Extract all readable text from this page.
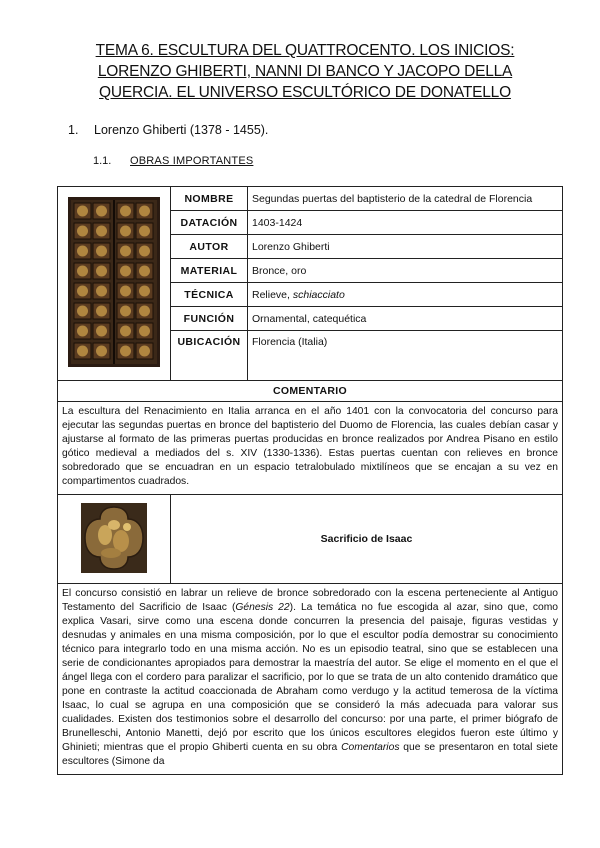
TEMA 6. ESCULTURA DEL QUATTROCENTO. LOS INICIOS:
LORENZO GHIBERTI, NANNI DI BANCO Y JACOPO DELLA
QUERCIA. EL UNIVERSO ESCULTÓRICO DE DONATELLO
1. Lorenzo Ghiberti (1378 - 1455).
1.1. OBRAS IMPORTANTES
	NOMBRE	Segundas puertas del baptisterio de la catedral de Florencia
	DATACIÓN	1403-1424
	AUTOR	Lorenzo Ghiberti
	MATERIAL	Bronce, oro
	TÉCNICA	Relieve, schiacciato
	FUNCIÓN	Ornamental, catequética
	UBICACIÓN	Florencia (Italia)
COMENTARIO		
La escultura del Renacimiento en Italia arranca en el año 1401 con la convocatoria del concurso para ejecutar las segundas puertas en bronce del baptisterio del Duomo de Florencia, las cuales debían casar y ajustarse al formato de las primeras puertas producidas en bronce realizados por Andrea Pisano en estilo gótico medieval a mediados del s. XIV (1330-1336). Estas puertas cuentan con relieves en bronce sobredorado que se encuadran en un espacio tetralobulado mixtilíneos que se encajan a su vez en compartimentos cuadrados.		
	Sacrificio de Isaac	
El concurso consistió en labrar un relieve de bronce sobredorado con la escena perteneciente al Antiguo Testamento del Sacrificio de Isaac (Génesis 22). La temática no fue escogida al azar, sino que, como explica Vasari, sirve como una escena donde concurren la presencia del paisaje, figuras vestidas y desnudas y animales en una misma composición, por lo que el escultor podía demostrar su conocimiento técnico para integrarlo todo en una misma acción. No es un episodio teatral, sino que se establecen una serie de condicionantes apropiados para demostrar la maestría del autor. Se elige el momento en el que el ángel llega con el cordero para paralizar el sacrificio, por lo que se trata de un alto contenido dramático que pone en contraste la actitud coaccionada de Abraham como verdugo y la actitud temerosa de la víctima Isaac, lo cual se agrupa en una composición que se consideró la más adecuada para valorar sus cualidades. Existen dos testimonios sobre el desarrollo del concurso: por una parte, el primer biógrafo de Brunelleschi, Antonio Manetti, dejó por escrito que los únicos escultores elegidos fueron este último y Ghinieti; mientras que el propio Ghiberti cuenta en su obra Comentarios que se presentaron en total siete escultores (Simone da		
